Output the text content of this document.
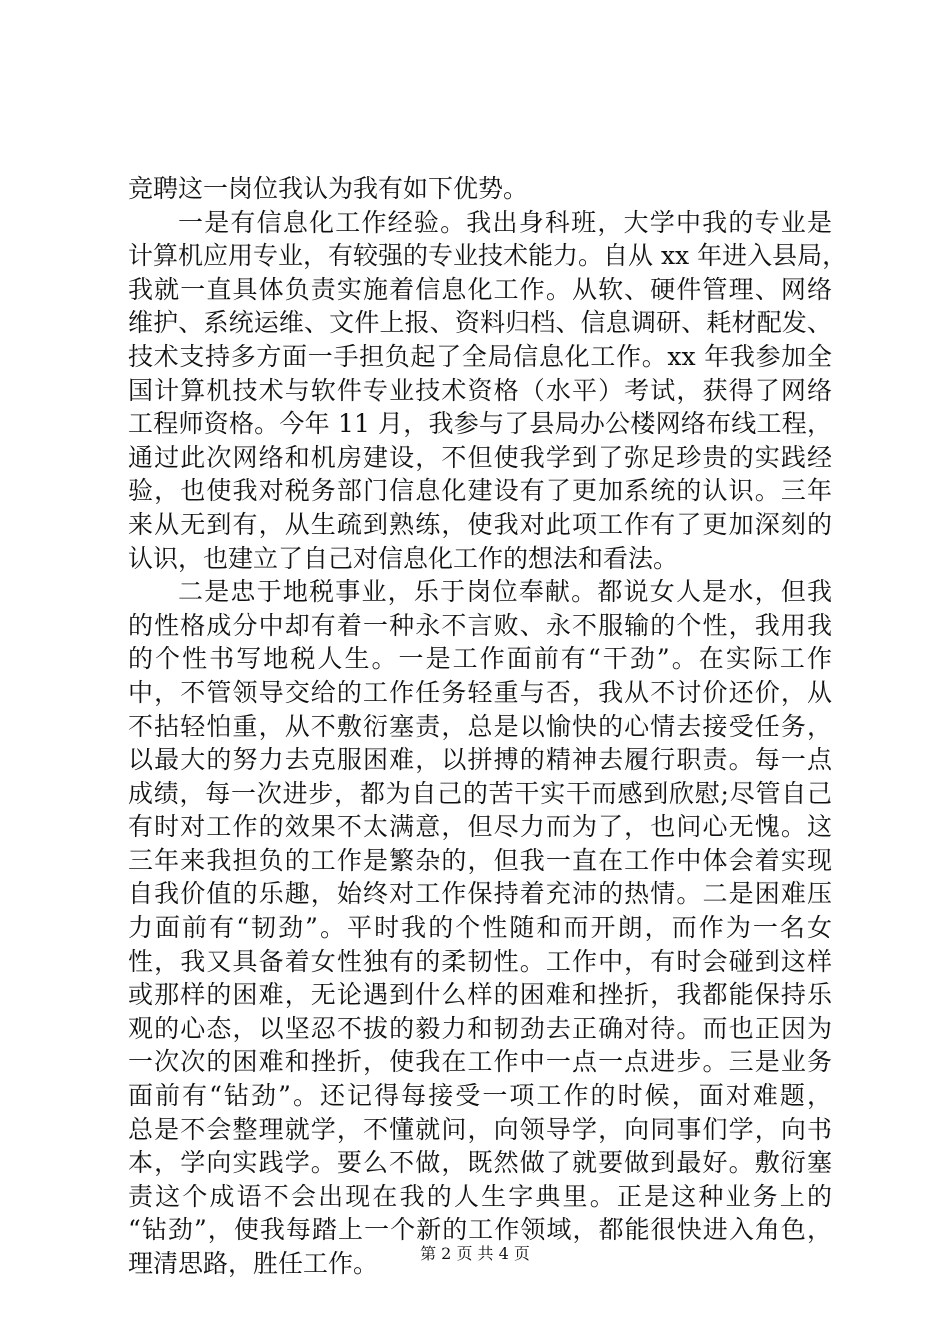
竞聘这一岗位我认为我有如下优势。
一是有信息化工作经验。我出身科班，大学中我的专业是
计算机应用专业，有较强的专业技术能力。自从 xx 年进入县局，
我就一直具体负责实施着信息化工作。从软、硬件管理、网络
维护、系统运维、文件上报、资料归档、信息调研、耗材配发、
技术支持多方面一手担负起了全局信息化工作。xx 年我参加全
国计算机技术与软件专业技术资格（水平）考试，获得了网络
工程师资格。今年 11 月，我参与了县局办公楼网络布线工程，
通过此次网络和机房建设，不但使我学到了弥足珍贵的实践经
验，也使我对税务部门信息化建设有了更加系统的认识。三年
来从无到有，从生疏到熟练，使我对此项工作有了更加深刻的
认识，也建立了自己对信息化工作的想法和看法。
二是忠于地税事业，乐于岗位奉献。都说女人是水，但我
的性格成分中却有着一种永不言败、永不服输的个性，我用我
的个性书写地税人生。一是工作面前有“干劲”。在实际工作
中，不管领导交给的工作任务轻重与否，我从不讨价还价，从
不拈轻怕重，从不敷衍塞责，总是以愉快的心情去接受任务，
以最大的努力去克服困难，以拼搏的精神去履行职责。每一点
成绩，每一次进步，都为自己的苦干实干而感到欣慰;尽管自己
有时对工作的效果不太满意，但尽力而为了，也问心无愧。这
三年来我担负的工作是繁杂的，但我一直在工作中体会着实现
自我价值的乐趣，始终对工作保持着充沛的热情。二是困难压
力面前有“韧劲”。平时我的个性随和而开朗，而作为一名女
性，我又具备着女性独有的柔韧性。工作中，有时会碰到这样
或那样的困难，无论遇到什么样的困难和挫折，我都能保持乐
观的心态，以坚忍不拔的毅力和韧劲去正确对待。而也正因为
一次次的困难和挫折，使我在工作中一点一点进步。三是业务
面前有“钻劲”。还记得每接受一项工作的时候，面对难题，
总是不会整理就学，不懂就问，向领导学，向同事们学，向书
本，学向实践学。要么不做，既然做了就要做到最好。敷衍塞
责这个成语不会出现在我的人生字典里。正是这种业务上的
“钻劲”，使我每踏上一个新的工作领域，都能很快进入角色，
理清思路，胜任工作。	第 2 页 共 4 页
